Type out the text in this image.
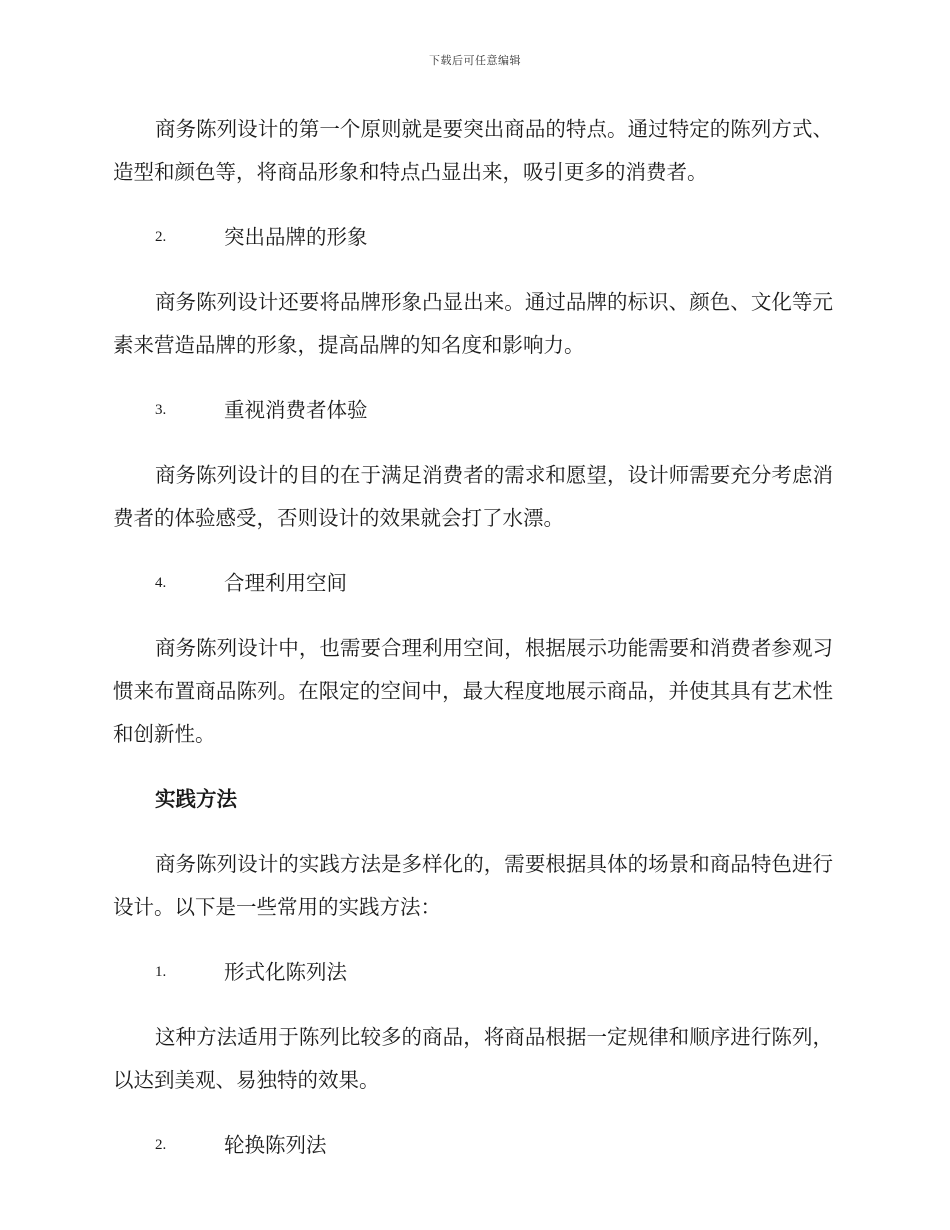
下载后可任意编辑

商务陈列设计的第一个原则就是要突出商品的特点。通过特定的陈列方式、造型和颜色等，将商品形象和特点凸显出来，吸引更多的消费者。

2.	突出品牌的形象

商务陈列设计还要将品牌形象凸显出来。通过品牌的标识、颜色、文化等元素来营造品牌的形象，提高品牌的知名度和影响力。

3.	重视消费者体验

商务陈列设计的目的在于满足消费者的需求和愿望，设计师需要充分考虑消费者的体验感受，否则设计的效果就会打了水漂。

4.	合理利用空间

商务陈列设计中，也需要合理利用空间，根据展示功能需要和消费者参观习惯来布置商品陈列。在限定的空间中，最大程度地展示商品，并使其具有艺术性和创新性。

实践方法

商务陈列设计的实践方法是多样化的，需要根据具体的场景和商品特色进行设计。以下是一些常用的实践方法：

1.	形式化陈列法

这种方法适用于陈列比较多的商品，将商品根据一定规律和顺序进行陈列，以达到美观、易独特的效果。

2.	轮换陈列法
